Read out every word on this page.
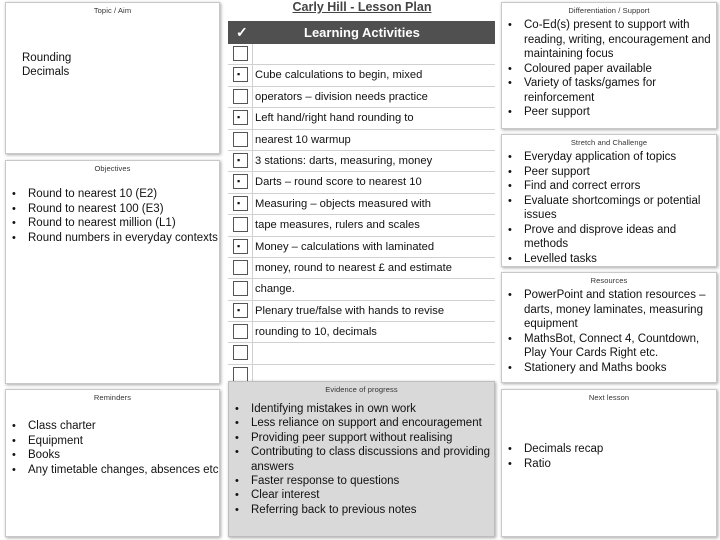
Carly Hill - Lesson Plan
Topic / Aim
Rounding
Decimals
Objectives
• Round to nearest 10 (E2)
• Round to nearest 100 (E3)
• Round to nearest million (L1)
• Round numbers in everyday contexts
Reminders
• Class charter
• Equipment
• Books
• Any timetable changes, absences etc
✓	Learning Activities
▪ Cube calculations to begin, mixed
operators – division needs practice
▪ Left hand/right hand rounding to
nearest 10 warmup
▪ 3 stations: darts, measuring, money
▪ Darts – round score to nearest 10
▪ Measuring – objects measured with
tape measures, rulers and scales
▪ Money – calculations with laminated
money, round to nearest £ and estimate
change.
▪ Plenary true/false with hands to revise
rounding to 10, decimals
Evidence of progress
• Identifying mistakes in own work
• Less reliance on support and encouragement
• Providing peer support without realising
• Contributing to class discussions and providing answers
• Faster response to questions
• Clear interest
• Referring back to previous notes
Differentiation / Support
• Co-Ed(s) present to support with reading, writing, encouragement and maintaining focus
• Coloured paper available
• Variety of tasks/games for reinforcement
• Peer support
Stretch and Challenge
• Everyday application of topics
• Peer support
• Find and correct errors
• Evaluate shortcomings or potential issues
• Prove and disprove ideas and methods
• Levelled tasks
Resources
• PowerPoint and station resources – darts, money laminates, measuring equipment
• MathsBot, Connect 4, Countdown, Play Your Cards Right etc.
• Stationery and Maths books
Next lesson
• Decimals recap
• Ratio
